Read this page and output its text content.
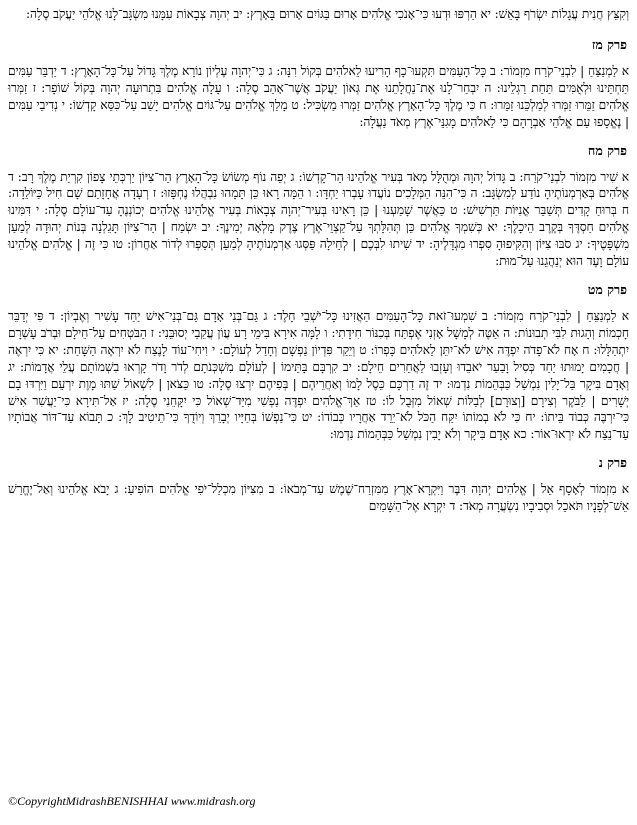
וְקִצֵּץ חֲנִית עֲגָלוֹת יִשְׂרֹף בָּאֵשׁ: יא הַרְפּוּ וּדְעוּ כִּי־אָנֹכִי אֱלֹהִים אָרוּם בַּגּוֹיִם אָרוּם בָּאָרֶץ: יב יְהוָה צְבָאוֹת עִמָּנוּ מִשְׂגָּב־לָנוּ אֱלֹהֵי יַעֲקֹב סֶלָה:

פרק מז

א לַמְנַצֵּחַ | לִבְנֵי־קֹרַח מִזְמוֹר: ב כָּל־הָעַמִּים תִּקְעוּ־כָף הָרִיעוּ לֵאלֹהִים בְּקוֹל רִנָּה: ג כִּי־יְהוָה עֶלְיוֹן נוֹרָא מֶלֶךְ גָּדוֹל עַל־כָּל־הָאָרֶץ: ד יַדְבֵּר עַמִּים תַּחְתֵּינוּ וּלְאֻמִּים תַּחַת רַגְלֵינוּ: ה יִבְחַר־לָנוּ אֶת־נַחֲלָתֵנוּ אֶת גְּאוֹן יַעֲקֹב אֲשֶׁר־אָהֵב סֶלָה: ו עָלָה אֱלֹהִים בִּתְרוּעָה יְהוָה בְּקוֹל שׁוֹפָר: ז זַמְּרוּ אֱלֹהִים זַמֵּרוּ זַמְּרוּ לְמַלְכֵּנוּ זַמֵּרוּ: ח כִּי מֶלֶךְ כָּל־הָאָרֶץ אֱלֹהִים זַמְּרוּ מַשְׂכִּיל: ט מָלַךְ אֱלֹהִים עַל־גּוֹיִם אֱלֹהִים יָשַׁב עַל־כִּסֵּא קָדְשׁוֹ: י נְדִיבֵי עַמִּים | נֶאֱסָפוּ עַם אֱלֹהֵי אַבְרָהָם כִּי לֵאלֹהִים מָגִנֵּי־אֶרֶץ מְאֹד נַעֲלָה:

פרק מח

א שִׁיר מִזְמוֹר לִבְנֵי־קֹרַח: ב גָּדוֹל יְהוָה וּמְהֻלָּל מְאֹד בְּעִיר אֱלֹהֵינוּ הַר־קָדְשׁוֹ: ג יְפֵה נוֹף מְשׂוֹשׂ כָּל־הָאָרֶץ הַר־צִיּוֹן יַרְכְּתֵי צָפוֹן קִרְיַת מֶלֶךְ רָב: ד אֱלֹהִים בְּאַרְמְנוֹתֶיהָ נוֹדַע לְמִשְׂגָּב: ה כִּי־הִנֵּה הַמְּלָכִים נוֹעֲדוּ עָבְרוּ יַחְדָּו: ו הֵמָּה רָאוּ כֵּן תָּמָהוּ נִבְהֲלוּ נֶחְפָּזוּ: ז רְעָדָה אֲחָזָתַם שָׁם חִיל כַּיּוֹלֵדָה: ח בְּרוּחַ קָדִים תְּשַׁבֵּר אֳנִיּוֹת תַּרְשִׁישׁ: ט כַּאֲשֶׁר שָׁמַעְנוּ | כֵּן רָאִינוּ בְּעִיר־יְהוָה צְבָאוֹת בְּעִיר אֱלֹהֵינוּ אֱלֹהִים יְכוֹנְנֶהָ עַד־עוֹלָם סֶלָה: י דִּמִּינוּ אֱלֹהִים חַסְדֶּךָ בְּקֶרֶב הֵיכָלֶךָ: יא כְּשִׁמְךָ אֱלֹהִים כֵּן תְּהִלָּתְךָ עַל־קַצְוֵי־אֶרֶץ צֶדֶק מָלְאָה יְמִינֶךָ: יב יִשְׂמַח | הַר־צִיּוֹן תָּגֵלְנָה בְּנוֹת יְהוּדָה לְמַעַן מִשְׁפָּטֶיךָ: יג סֹבּוּ צִיּוֹן וְהַקִּיפוּהָ סִפְרוּ מִגְדָּלֶיהָ: יד שִׁיתוּ לִבְּכֶם | לְחֵילָה פַּסְּגוּ אַרְמְנוֹתֶיהָ לְמַעַן תְּסַפְּרוּ לְדוֹר אַחֲרוֹן: טו כִּי זֶה | אֱלֹהִים אֱלֹהֵינוּ עוֹלָם וָעֶד הוּא יְנַהֲגֵנוּ עַל־מוּת:

פרק מט

א לַמְנַצֵּחַ | לִבְנֵי־קֹרַח מִזְמוֹר: ב שִׁמְעוּ־זֹאת כָּל־הָעַמִּים הַאֲזִינוּ כָּל־יֹשְׁבֵי חָלֶד: ג גַּם־בְּנֵי אָדָם גַּם־בְּנֵי־אִישׁ יַחַד עָשִׁיר וְאֶבְיוֹן: ד פִּי יְדַבֵּר חָכְמוֹת וְהָגוּת לִבִּי תְבוּנוֹת: ה אַטֶּה לְמָשָׁל אָזְנִי אֶפְתַּח בְּכִנּוֹר חִידָתִי: ו לָמָּה אִירָא בִּימֵי רָע עֲוֹן עֲקֵבַי יְסוּבֵּנִי: ז הַבֹּטְחִים עַל־חֵילָם וּבְרֹב עָשְׁרָם יִתְהַלָּלוּ: ח אָח לֹא־פָדֹה יִפְדֶּה אִישׁ לֹא־יִתֵּן לֵאלֹהִים כָּפְרוֹ: ט וְיֵקַר פִּדְיוֹן נַפְשָׁם וְחָדַל לְעוֹלָם: י וִיחִי־עוֹד לָנֶצַח לֹא יִרְאֶה הַשָּׁחַת: יא כִּי יִרְאֶה | חֲכָמִים יָמוּתוּ יַחַד כְּסִיל וָבַעַר יֹאבֵדוּ וְעָזְבוּ לַאֲחֵרִים חֵילָם: יב קִרְבָּם בָּתֵּימוֹ | לְעוֹלָם מִשְׁכְּנֹתָם לְדֹר וָדֹר קָרְאוּ בִשְׁמוֹתָם עֲלֵי אֲדָמוֹת: יג וְאָדָם בִּיקָר בַּל־יָלִין נִמְשַׁל כַּבְּהֵמוֹת נִדְמוּ: יד זֶה דַרְכָּם כֵּסֶל לָמוֹ וְאַחֲרֵיהֶם | בְּפִיהֶם יִרְצוּ סֶלָה: טו כַּצֹּאן | לִשְׁאוֹל שַׁתּוּ מָוֶת יִרְעֵם וַיִּרְדּוּ בָם יְשָׁרִים | לַבֹּקֶר וְצִירָם [וְצוּרָם] לְבַלּוֹת שְׁאוֹל מִזְּבֻל לוֹ: טז אַךְ־אֱלֹהִים יִפְדֶּה נַפְשִׁי מִיַּד־שְׁאוֹל כִּי יִקָּחֵנִי סֶלָה: יז אַל־תִּירָא כִּי־יַעֲשִׁר אִישׁ כִּי־יִרְבֶּה כְּבוֹד בֵּיתוֹ: יח כִּי לֹא בְמוֹתוֹ יִקַּח הַכֹּל לֹא־יֵרֵד אַחֲרָיו כְּבוֹדוֹ: יט כִּי־נַפְשׁוֹ בְּחַיָּיו יְבָרֵךְ וְיוֹדֻךָ כִּי־תֵיטִיב לָךְ: כ תָּבוֹא עַד־דּוֹר אֲבוֹתָיו עַד־נֵצַח לֹא יִרְאוּ־אוֹר: כא אָדָם בִּיקָר וְלֹא יָבִין נִמְשַׁל כַּבְּהֵמוֹת נִדְמוּ:

פרק נ

א מִזְמוֹר לְאָסָף אֵל | אֱלֹהִים יְהוָה דִּבֶּר וַיִּקְרָא־אָרֶץ מִמִּזְרַח־שֶׁמֶשׁ עַד־מְבֹאוֹ: ב מִצִּיּוֹן מִכְלַל־יֹפִי אֱלֹהִים הוֹפִיעַ: ג יָבֹא אֱלֹהֵינוּ וְאַל־יֶחֱרַשׁ אֵשׁ־לְפָנָיו תֹּאכֵל וּסְבִיבָיו נִשְׂעֲרָה מְאֹד: ד יִקְרָא אֶל־הַשָּׁמַיִם

©CopyrightMidrashBENISHHAI www.midrash.org
